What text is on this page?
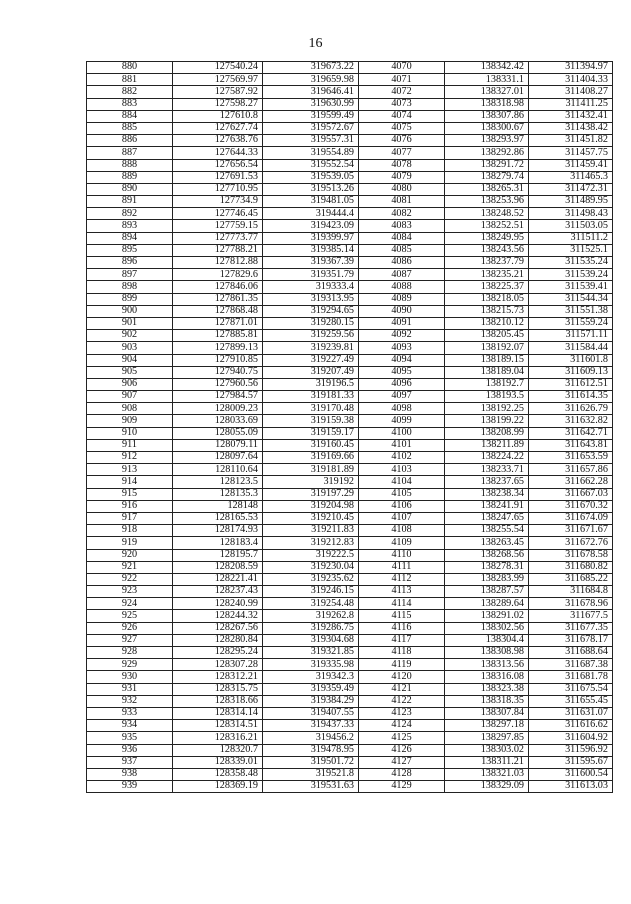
16
880	127540.24	319673.22	4070	138342.42	311394.97
881	127569.97	319659.98	4071	138331.1	311404.33
882	127587.92	319646.41	4072	138327.01	311408.27
883	127598.27	319630.99	4073	138318.98	311411.25
884	127610.8	319599.49	4074	138307.86	311432.41
885	127627.74	319572.67	4075	138300.67	311438.42
886	127638.76	319557.31	4076	138293.97	311451.82
887	127644.33	319554.89	4077	138292.86	311457.75
888	127656.54	319552.54	4078	138291.72	311459.41
889	127691.53	319539.05	4079	138279.74	311465.3
890	127710.95	319513.26	4080	138265.31	311472.31
891	127734.9	319481.05	4081	138253.96	311489.95
892	127746.45	319444.4	4082	138248.52	311498.43
893	127759.15	319423.09	4083	138252.51	311503.05
894	127773.77	319399.97	4084	138249.95	311511.2
895	127788.21	319385.14	4085	138243.56	311525.1
896	127812.88	319367.39	4086	138237.79	311535.24
897	127829.6	319351.79	4087	138235.21	311539.24
898	127846.06	319333.4	4088	138225.37	311539.41
899	127861.35	319313.95	4089	138218.05	311544.34
900	127868.48	319294.65	4090	138215.73	311551.38
901	127871.01	319280.15	4091	138210.12	311559.24
902	127885.81	319259.56	4092	138205.45	311571.11
903	127899.13	319239.81	4093	138192.07	311584.44
904	127910.85	319227.49	4094	138189.15	311601.8
905	127940.75	319207.49	4095	138189.04	311609.13
906	127960.56	319196.5	4096	138192.7	311612.51
907	127984.57	319181.33	4097	138193.5	311614.35
908	128009.23	319170.48	4098	138192.25	311626.79
909	128033.69	319159.38	4099	138199.22	311632.82
910	128055.09	319159.17	4100	138208.99	311642.71
911	128079.11	319160.45	4101	138211.89	311643.81
912	128097.64	319169.66	4102	138224.22	311653.59
913	128110.64	319181.89	4103	138233.71	311657.86
914	128123.5	319192	4104	138237.65	311662.28
915	128135.3	319197.29	4105	138238.34	311667.03
916	128148	319204.98	4106	138241.91	311670.32
917	128165.53	319210.45	4107	138247.65	311674.09
918	128174.93	319211.83	4108	138255.54	311671.67
919	128183.4	319212.83	4109	138263.45	311672.76
920	128195.7	319222.5	4110	138268.56	311678.58
921	128208.59	319230.04	4111	138278.31	311680.82
922	128221.41	319235.62	4112	138283.99	311685.22
923	128237.43	319246.15	4113	138287.57	311684.8
924	128240.99	319254.48	4114	138289.64	311678.96
925	128244.32	319262.8	4115	138291.02	311677.5
926	128267.56	319286.75	4116	138302.56	311677.35
927	128280.84	319304.68	4117	138304.4	311678.17
928	128295.24	319321.85	4118	138308.98	311688.64
929	128307.28	319335.98	4119	138313.56	311687.38
930	128312.21	319342.3	4120	138316.08	311681.78
931	128315.75	319359.49	4121	138323.38	311675.54
932	128318.66	319384.29	4122	138318.35	311655.45
933	128314.14	319407.55	4123	138307.84	311631.07
934	128314.51	319437.33	4124	138297.18	311616.62
935	128316.21	319456.2	4125	138297.85	311604.92
936	128320.7	319478.95	4126	138303.02	311596.92
937	128339.01	319501.72	4127	138311.21	311595.67
938	128358.48	319521.8	4128	138321.03	311600.54
939	128369.19	319531.63	4129	138329.09	311613.03
